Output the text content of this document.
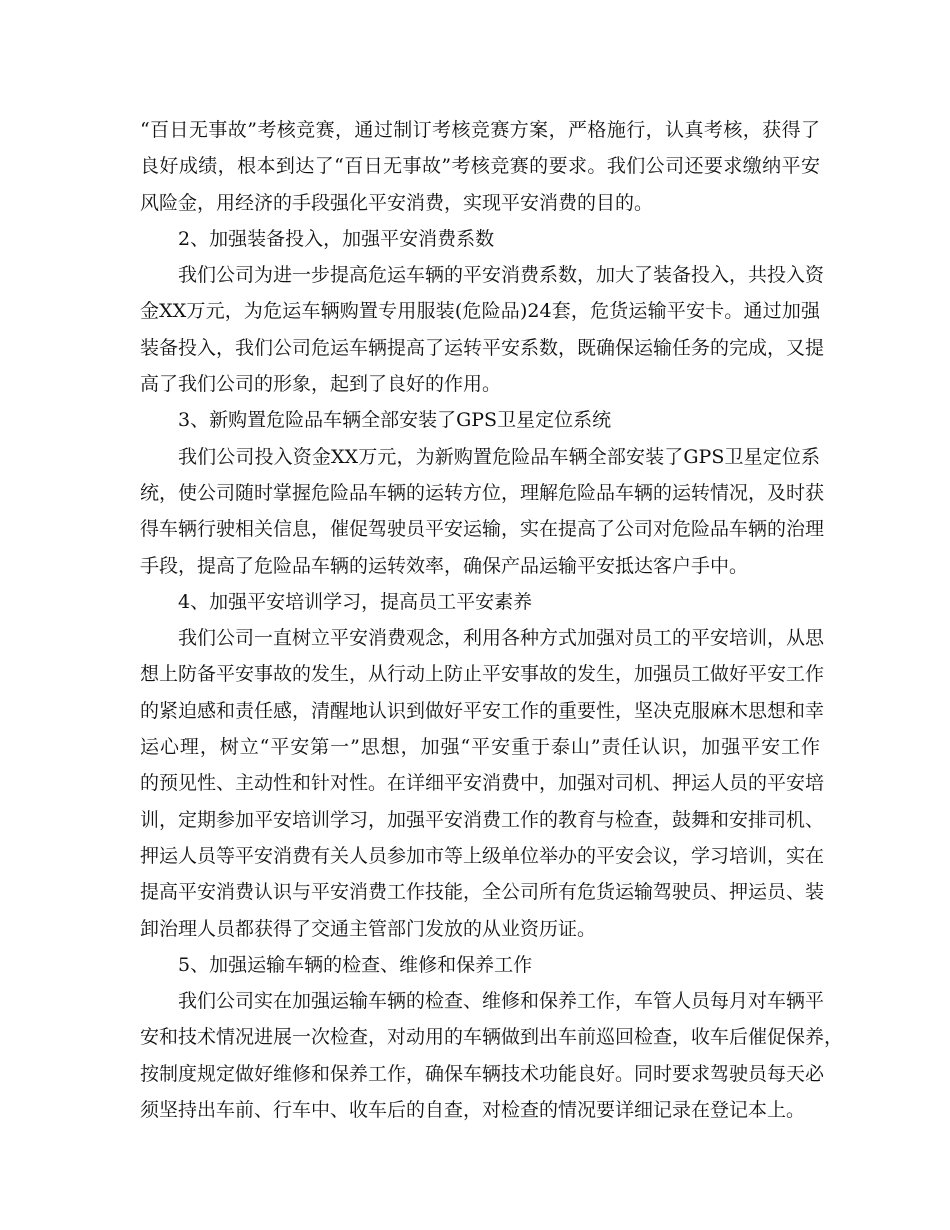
“百日无事故”考核竞赛，通过制订考核竞赛方案，严格施行，认真考核，获得了
良好成绩，根本到达了“百日无事故”考核竞赛的要求。我们公司还要求缴纳平安
风险金，用经济的手段强化平安消费，实现平安消费的目的。
2、加强装备投入，加强平安消费系数
我们公司为进一步提高危运车辆的平安消费系数，加大了装备投入，共投入资
金XX万元，为危运车辆购置专用服装(危险品)24套，危货运输平安卡。通过加强
装备投入，我们公司危运车辆提高了运转平安系数，既确保运输任务的完成，又提
高了我们公司的形象，起到了良好的作用。
3、新购置危险品车辆全部安装了GPS卫星定位系统
我们公司投入资金XX万元，为新购置危险品车辆全部安装了GPS卫星定位系
统，使公司随时掌握危险品车辆的运转方位，理解危险品车辆的运转情况，及时获
得车辆行驶相关信息，催促驾驶员平安运输，实在提高了公司对危险品车辆的治理
手段，提高了危险品车辆的运转效率，确保产品运输平安抵达客户手中。
4、加强平安培训学习，提高员工平安素养
我们公司一直树立平安消费观念，利用各种方式加强对员工的平安培训，从思
想上防备平安事故的发生，从行动上防止平安事故的发生，加强员工做好平安工作
的紧迫感和责任感，清醒地认识到做好平安工作的重要性，坚决克服麻木思想和幸
运心理，树立“平安第一”思想，加强“平安重于泰山”责任认识，加强平安工作
的预见性、主动性和针对性。在详细平安消费中，加强对司机、押运人员的平安培
训，定期参加平安培训学习，加强平安消费工作的教育与检查，鼓舞和安排司机、
押运人员等平安消费有关人员参加市等上级单位举办的平安会议，学习培训，实在
提高平安消费认识与平安消费工作技能，全公司所有危货运输驾驶员、押运员、装
卸治理人员都获得了交通主管部门发放的从业资历证。
5、加强运输车辆的检查、维修和保养工作
我们公司实在加强运输车辆的检查、维修和保养工作，车管人员每月对车辆平
安和技术情况进展一次检查，对动用的车辆做到出车前巡回检查，收车后催促保养，
按制度规定做好维修和保养工作，确保车辆技术功能良好。同时要求驾驶员每天必
须坚持出车前、行车中、收车后的自查，对检查的情况要详细记录在登记本上。
